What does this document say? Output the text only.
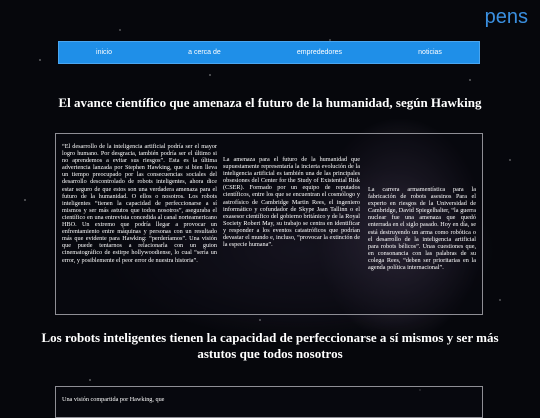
pens
inicio	a cerca de	emprededores	noticias
El avance científico que amenaza el futuro de la humanidad, según Hawking

“El desarrollo de la inteligencia artificial podría ser el mayor logro humano. Por desgracia, también podría ser el último si no aprendemos a evitar sus riesgos”. Esta es la última advertencia lanzada por Stephen Hawking, que si bien lleva un tiempo preocupado por las consecuencias sociales del desarrollo descontrolado de robots inteligentes, ahora dice estar seguro de que estos son una verdadera amenaza para el futuro de la humanidad. O ellos o nosotros. Los robots inteligentes “tienen la capacidad de perfeccionarse a sí mismos y ser más astutos que todos nosotros”, aseguraba el científico en una entrevista concedida al canal norteamericano HBO. Un extremo que podría llegar a provocar un enfrentamiento entre máquinas y personas con un resultado más que evidente para Hawking: “perderíamos”. Una visión que puede tentarnos a relacionarla con un guion cinematográfico de estirpe hollywoodiense, lo cual “sería un error, y posiblemente el peor error de nuestra historia”.

La amenaza para el futuro de la humanidad que supuestamente representaría la incierta evolución de la inteligencia artificial es también una de las principales obsesiones del Center for the Study of Existential Risk (CSER). Formado por un equipo de reputados científicos, entre los que se encuentran el cosmólogo y astrofísico de Cambridge Martin Rees, el ingeniero informático y cofundador de Skype Jaan Tallinn o el exasesor científico del gobierno británico y de la Royal Society Robert May, su trabajo se centra en identificar y responder a los eventos catastróficos que podrían devastar el mundo e, incluso, “provocar la extinción de la especie humana”.

La carrera armamentística para la fabricación de robots asesinos Para el experto en riesgos de la Universidad de Cambridge, David Spiegelhalter, “la guerra nuclear fue una amenaza que quedó enterrada en el siglo pasado. Hoy en día, se está destruyendo un arma como robótica o el desarrollo de la inteligencia artificial para robots bélicos”. Unas cuestiones que, en consonancia con las palabras de su colega Rees, “deben ser prioritarias en la agenda política internacional”.

Los robots inteligentes tienen la capacidad de perfeccionarse a sí mismos y ser más astutos que todos nosotros

Una visión compartida por Hawking, que
